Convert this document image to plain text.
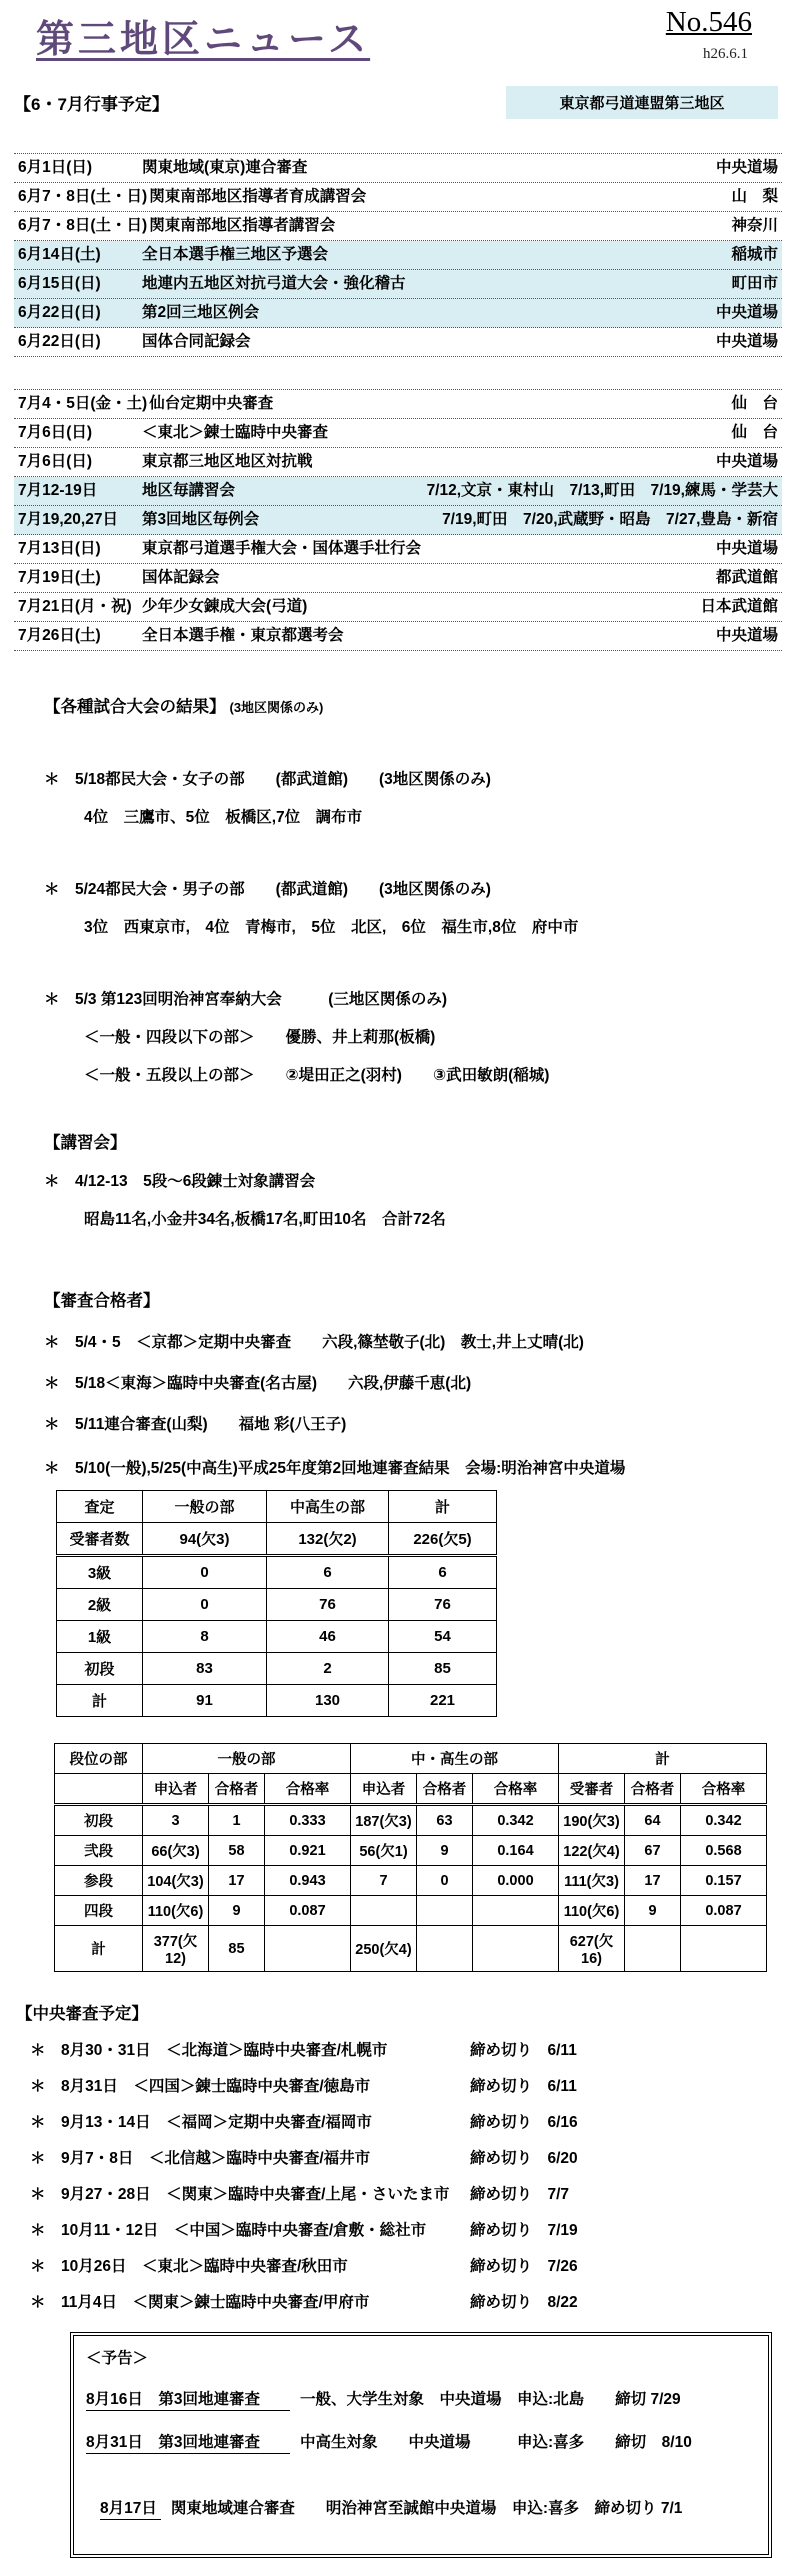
第三地区ニュース	No.546
h26.6.1
【6・7月行事予定】	東京都弓道連盟第三地区
6月1日(日)	関東地域(東京)連合審査	中央道場
6月7・8日(土・日) 関東南部地区指導者育成講習会	山　梨
6月7・8日(土・日) 関東南部地区指導者講習会	神奈川
6月14日(土)	全日本選手権三地区予選会	稲城市
6月15日(日)	地連内五地区対抗弓道大会・強化稽古	町田市
6月22日(日)	第2回三地区例会	中央道場
6月22日(日)	国体合同記録会	中央道場
7月4・5日(金・土) 仙台定期中央審査	仙　台
7月6日(日)	＜東北＞錬士臨時中央審査	仙　台
7月6日(日)	東京都三地区地区対抗戦	中央道場
7月12-19日	地区毎講習会	7/12,文京・東村山　7/13,町田　7/19,練馬・学芸大
7月19,20,27日	第3回地区毎例会	7/19,町田　7/20,武蔵野・昭島　7/27,豊島・新宿
7月13日(日)	東京都弓道選手権大会・国体選手壮行会	中央道場
7月19日(土)	国体記録会	都武道館
7月21日(月・祝) 少年少女錬成大会(弓道)	日本武道館
7月26日(土)	全日本選手権・東京都選考会	中央道場
【各種試合大会の結果】 (3地区関係のみ)
＊　5/18都民大会・女子の部　　(都武道館)　　(3地区関係のみ)
4位　三鷹市、5位　板橋区,7位　調布市
＊　5/24都民大会・男子の部　　(都武道館)　　(3地区関係のみ)
3位　西東京市,　4位　青梅市,　5位　北区,　6位　福生市,8位　府中市
＊　5/3 第123回明治神宮奉納大会　　　(三地区関係のみ)
＜一般・四段以下の部＞　　優勝、井上莉那(板橋)
＜一般・五段以上の部＞　　②堤田正之(羽村)　　③武田敏朗(稲城)
【講習会】
＊　4/12-13　5段～6段錬士対象講習会
昭島11名,小金井34名,板橋17名,町田10名　合計72名
【審査合格者】
＊　5/4・5　＜京都＞定期中央審査　　六段,篠埜敬子(北)　教士,井上丈晴(北)
＊　5/18＜東海＞臨時中央審査(名古屋)　　六段,伊藤千恵(北)
＊　5/11連合審査(山梨)　　福地 彩(八王子)
＊　5/10(一般),5/25(中高生)平成25年度第2回地連審査結果　会場:明治神宮中央道場
査定	一般の部	中高生の部	計
受審者数	94(欠3)	132(欠2)	226(欠5)
3級	0	6	6
2級	0	76	76
1級	8	46	54
初段	83	2	85
計	91	130	221
段位の部	一般の部			中・高生の部			計		
	申込者	合格者	合格率	申込者	合格者	合格率	受審者	合格者	合格率
初段	3	1	0.333	187(欠3)	63	0.342	190(欠3)	64	0.342
弐段	66(欠3)	58	0.921	56(欠1)	9	0.164	122(欠4)	67	0.568
参段	104(欠3)	17	0.943	7	0	0.000	111(欠3)	17	0.157
四段	110(欠6)	9	0.087				110(欠6)	9	0.087
計	377(欠12)	85		250(欠4)			627(欠16)		
【中央審査予定】
＊　8月30・31日　＜北海道＞臨時中央審査/札幌市	締め切り　6/11
＊　8月31日　＜四国＞錬士臨時中央審査/徳島市	締め切り　6/11
＊　9月13・14日　＜福岡＞定期中央審査/福岡市	締め切り　6/16
＊　9月7・8日　＜北信越＞臨時中央審査/福井市	締め切り　6/20
＊　9月27・28日　＜関東＞臨時中央審査/上尾・さいたま市	締め切り　7/7
＊　10月11・12日　＜中国＞臨時中央審査/倉敷・総社市	締め切り　7/19
＊　10月26日　＜東北＞臨時中央審査/秋田市	締め切り　7/26
＊　11月4日　＜関東＞錬士臨時中央審査/甲府市	締め切り　8/22
＜予告＞
8月16日　第3回地連審査	一般、大学生対象　中央道場　申込:北島　　締切 7/29
8月31日　第3回地連審査	中高生対象　　中央道場　　　申込:喜多　　締切　8/10
8月17日 関東地域連合審査　　明治神宮至誠館中央道場　申込:喜多　締め切り 7/1
